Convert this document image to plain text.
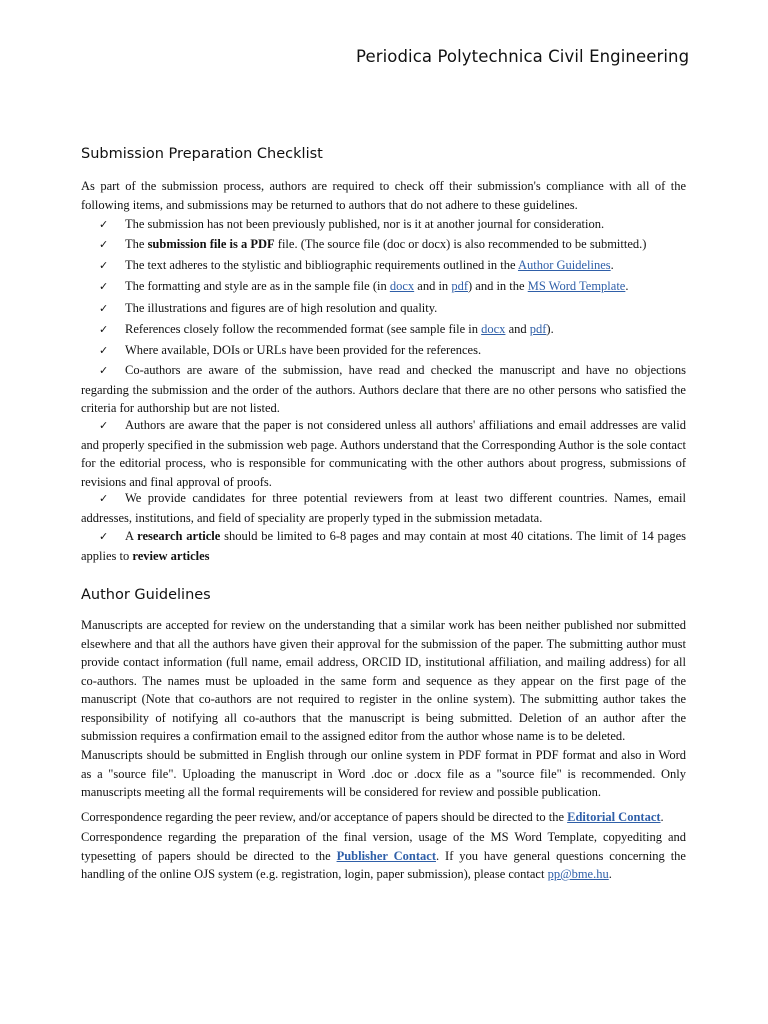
Periodica Polytechnica Civil Engineering
Submission Preparation Checklist

As part of the submission process, authors are required to check off their submission's compliance with all of the following items, and submissions may be returned to authors that do not adhere to these guidelines.

✓ The submission has not been previously published, nor is it at another journal for consideration.
✓ The submission file is a PDF file. (The source file (doc or docx) is also recommended to be submitted.)
✓ The text adheres to the stylistic and bibliographic requirements outlined in the Author Guidelines.
✓ The formatting and style are as in the sample file (in docx and in pdf) and in the MS Word Template.
✓ The illustrations and figures are of high resolution and quality.
✓ References closely follow the recommended format (see sample file in docx and pdf).
✓ Where available, DOIs or URLs have been provided for the references.
✓ Co-authors are aware of the submission, have read and checked the manuscript and have no objections regarding the submission and the order of the authors. Authors declare that there are no other persons who satisfied the criteria for authorship but are not listed.
✓ Authors are aware that the paper is not considered unless all authors' affiliations and email addresses are valid and properly specified in the submission web page. Authors understand that the Corresponding Author is the sole contact for the editorial process, who is responsible for communicating with the other authors about progress, submissions of revisions and final approval of proofs.
✓ We provide candidates for three potential reviewers from at least two different countries. Names, email addresses, institutions, and field of speciality are properly typed in the submission metadata.
✓ A research article should be limited to 6-8 pages and may contain at most 40 citations. The limit of 14 pages applies to review articles
Author Guidelines

Manuscripts are accepted for review on the understanding that a similar work has been neither published nor submitted elsewhere and that all the authors have given their approval for the submission of the paper. The submitting author must provide contact information (full name, email address, ORCID ID, institutional affiliation, and mailing address) for all co-authors. The names must be uploaded in the same form and sequence as they appear on the first page of the manuscript (Note that co-authors are not required to register in the online system). The submitting author takes the responsibility of notifying all co-authors that the manuscript is being submitted. Deletion of an author after the submission requires a confirmation email to the assigned editor from the author whose name is to be deleted.

Manuscripts should be submitted in English through our online system in PDF format in PDF format and also in Word as a "source file". Uploading the manuscript in Word .doc or .docx file as a "source file" is recommended. Only manuscripts meeting all the formal requirements will be considered for review and possible publication.

Correspondence regarding the peer review, and/or acceptance of papers should be directed to the Editorial Contact.

Correspondence regarding the preparation of the final version, usage of the MS Word Template, copyediting and typesetting of papers should be directed to the Publisher Contact. If you have general questions concerning the handling of the online OJS system (e.g. registration, login, paper submission), please contact pp@bme.hu.
